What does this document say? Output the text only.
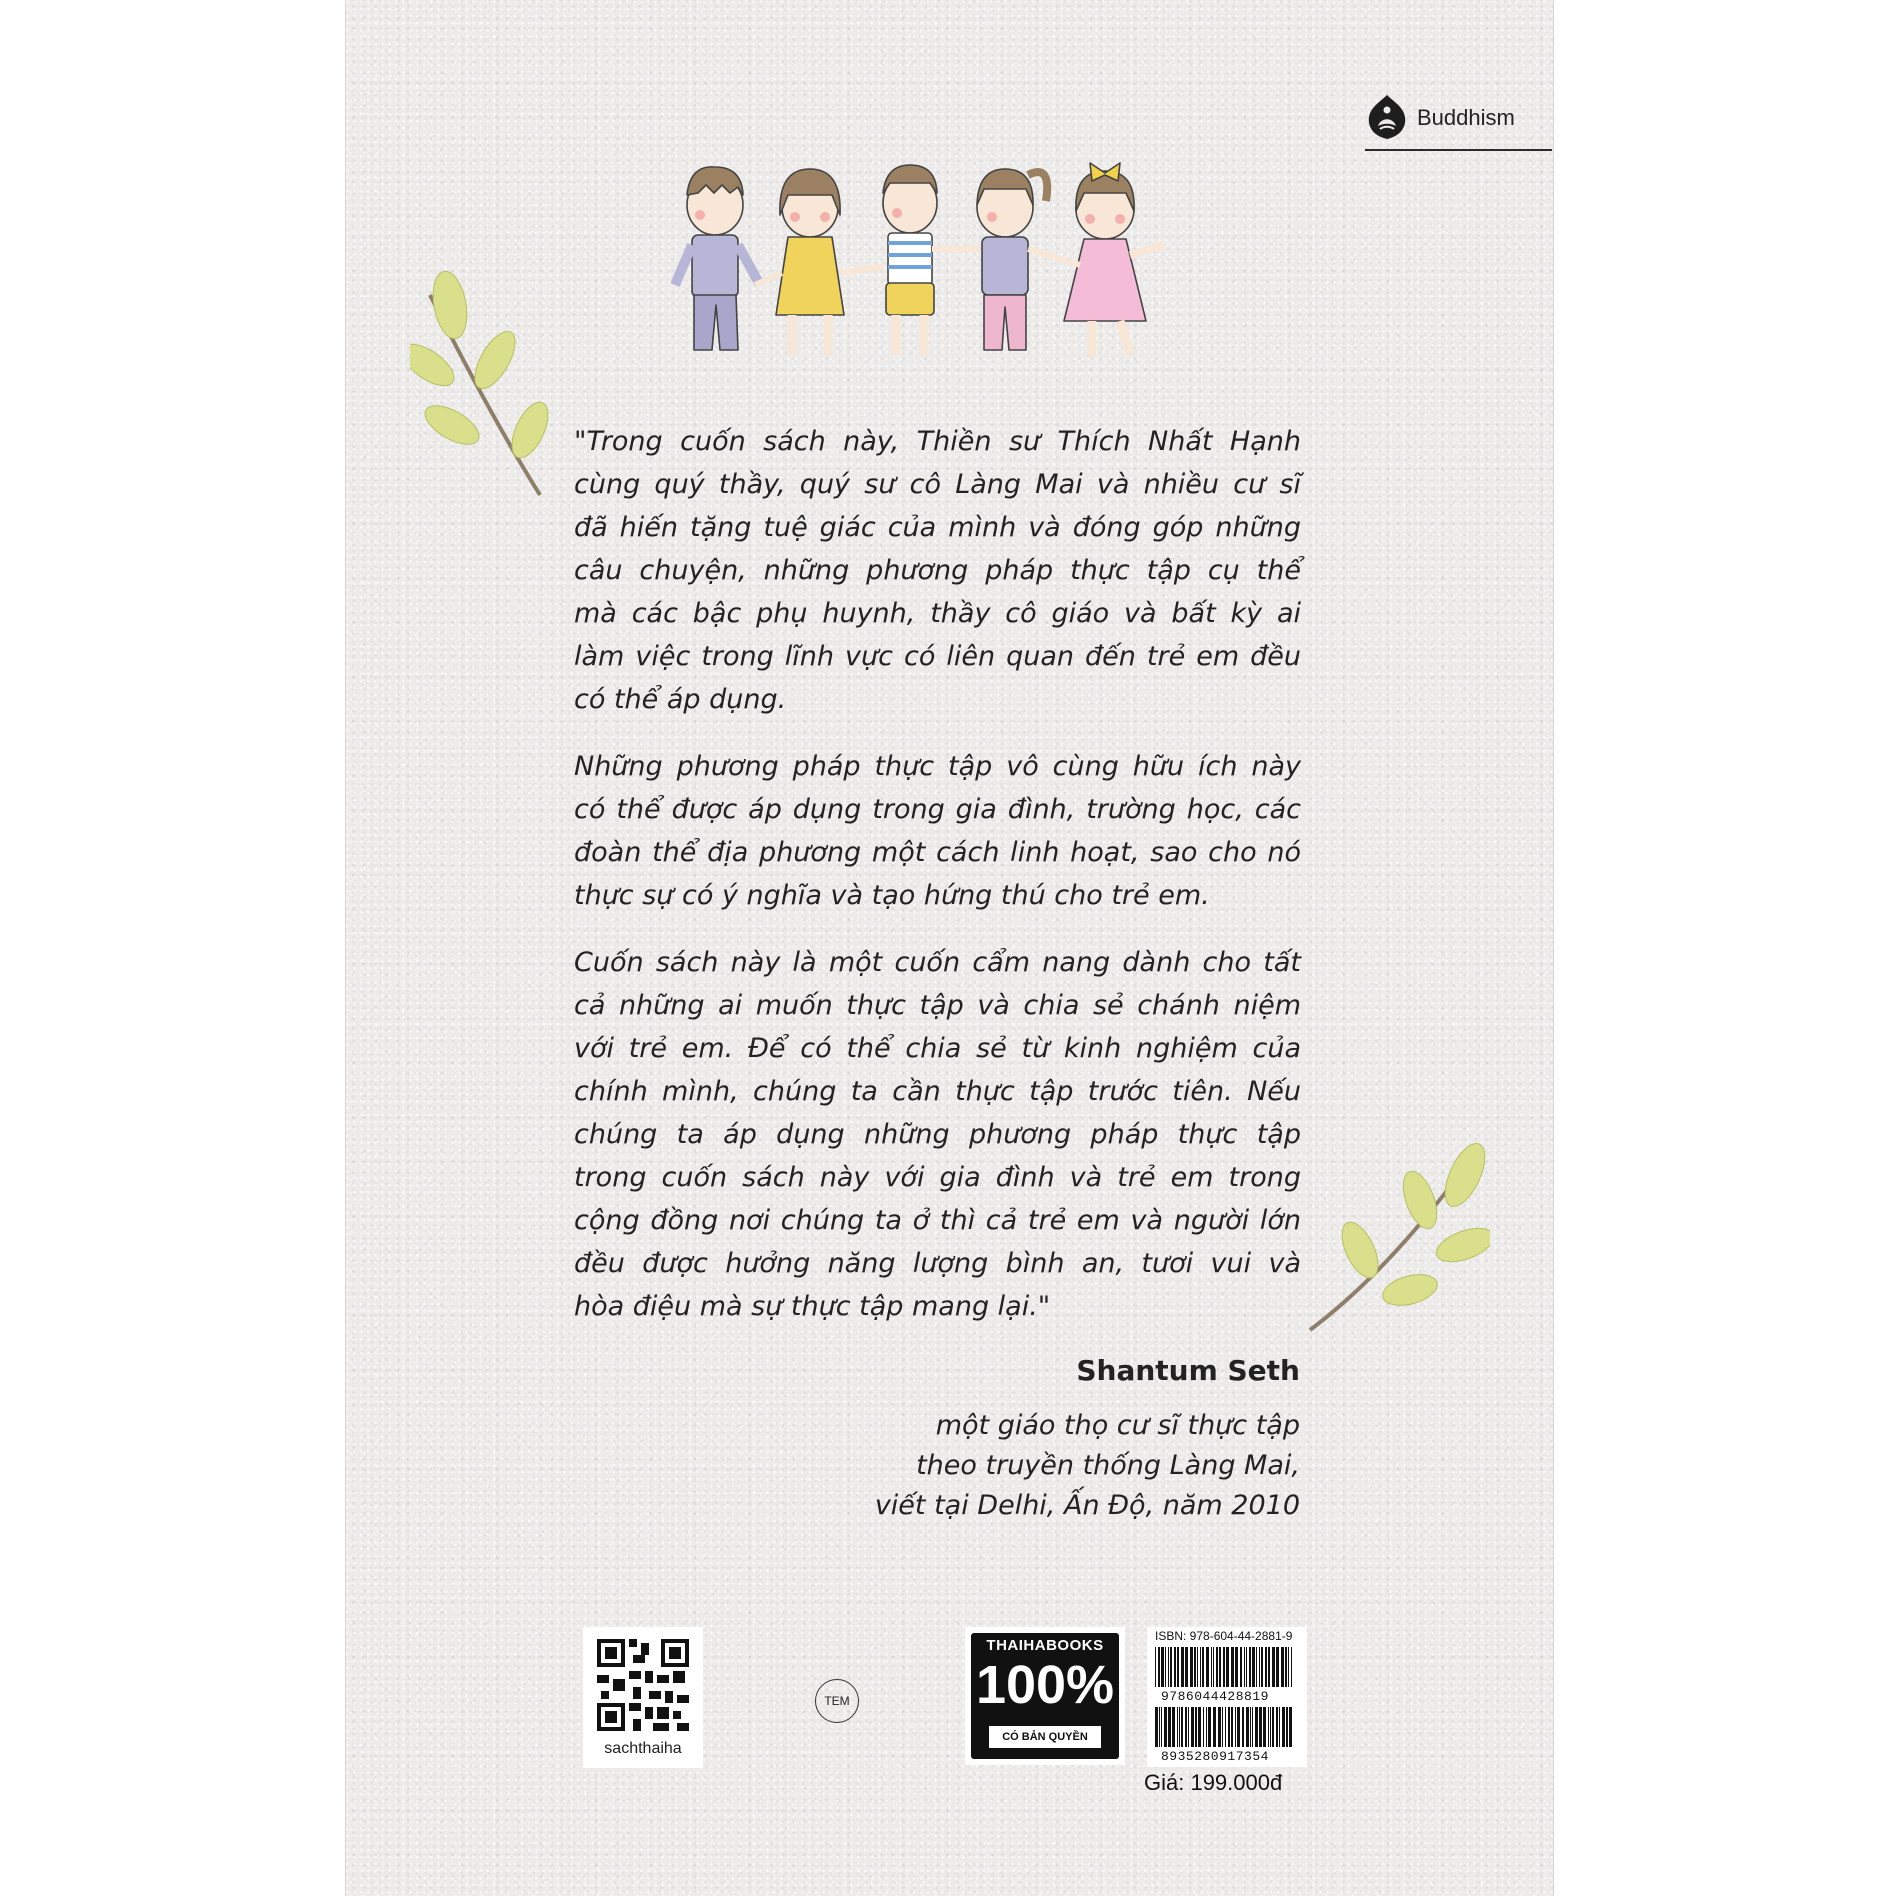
Buddhism

"Trong cuốn sách này, Thiền sư Thích Nhất Hạnh

cùng quý thầy, quý sư cô Làng Mai và nhiều cư sĩ

đã hiến tặng tuệ giác của mình và đóng góp những

câu chuyện, những phương pháp thực tập cụ thể

mà các bậc phụ huynh, thầy cô giáo và bất kỳ ai

làm việc trong lĩnh vực có liên quan đến trẻ em đều

có thể áp dụng.

Những phương pháp thực tập vô cùng hữu ích này

có thể được áp dụng trong gia đình, trường học, các

đoàn thể địa phương một cách linh hoạt, sao cho nó

thực sự có ý nghĩa và tạo hứng thú cho trẻ em.

Cuốn sách này là một cuốn cẩm nang dành cho tất

cả những ai muốn thực tập và chia sẻ chánh niệm

với trẻ em. Để có thể chia sẻ từ kinh nghiệm của

chính mình, chúng ta cần thực tập trước tiên. Nếu

chúng ta áp dụng những phương pháp thực tập

trong cuốn sách này với gia đình và trẻ em trong

cộng đồng nơi chúng ta ở thì cả trẻ em và người lớn

đều được hưởng năng lượng bình an, tươi vui và

hòa điệu mà sự thực tập mang lại."

Shantum Seth
một giáo thọ cư sĩ thực tập
theo truyền thống Làng Mai,
viết tại Delhi, Ấn Độ, năm 2010
sachthaiha
TEM
THAIHABOOKS
100%
CÓ BẢN QUYỀN
ISBN: 978-604-44-2881-9
9786044428819
8935280917354
Giá: 199.000đ
